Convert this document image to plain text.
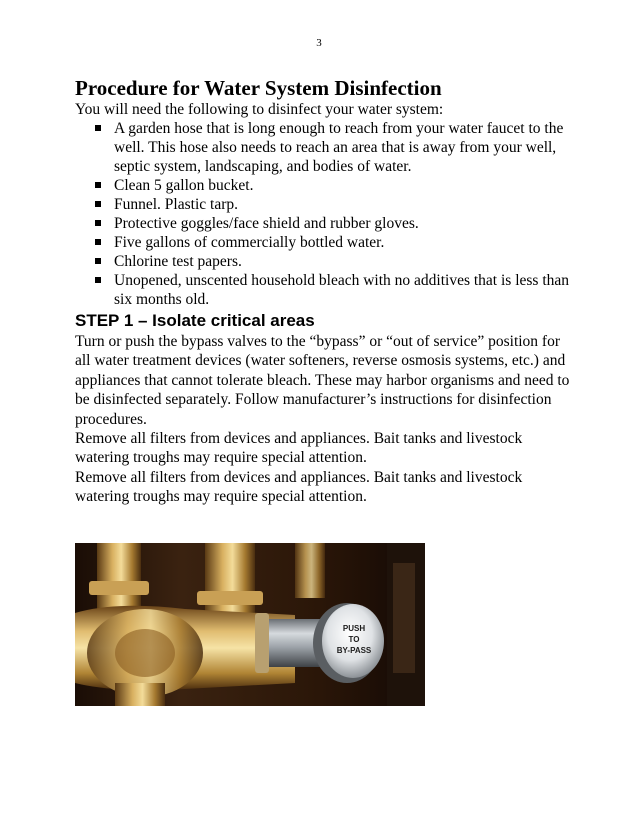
3
Procedure for Water System Disinfection

You will need the following to disinfect your water system:

A garden hose that is long enough to reach from your water faucet to the well. This hose also needs to reach an area that is away from your well, septic system, landscaping, and bodies of water.
Clean 5 gallon bucket.
Funnel. Plastic tarp.
Protective goggles/face shield and rubber gloves.
Five gallons of commercially bottled water.
Chlorine test papers.
Unopened, unscented household bleach with no additives that is less than six months old.
STEP 1 – Isolate critical areas

Turn or push the bypass valves to the “bypass” or “out of service” position for all water treatment devices (water softeners, reverse osmosis systems, etc.) and appliances that cannot tolerate bleach. These may harbor organisms and need to be disinfected separately. Follow manufacturer’s instructions for disinfection procedures.

Remove all filters from devices and appliances. Bait tanks and livestock watering troughs may require special attention.

Remove all filters from devices and appliances. Bait tanks and livestock watering troughs may require special attention.

PUSH
TO
BY-PASS
